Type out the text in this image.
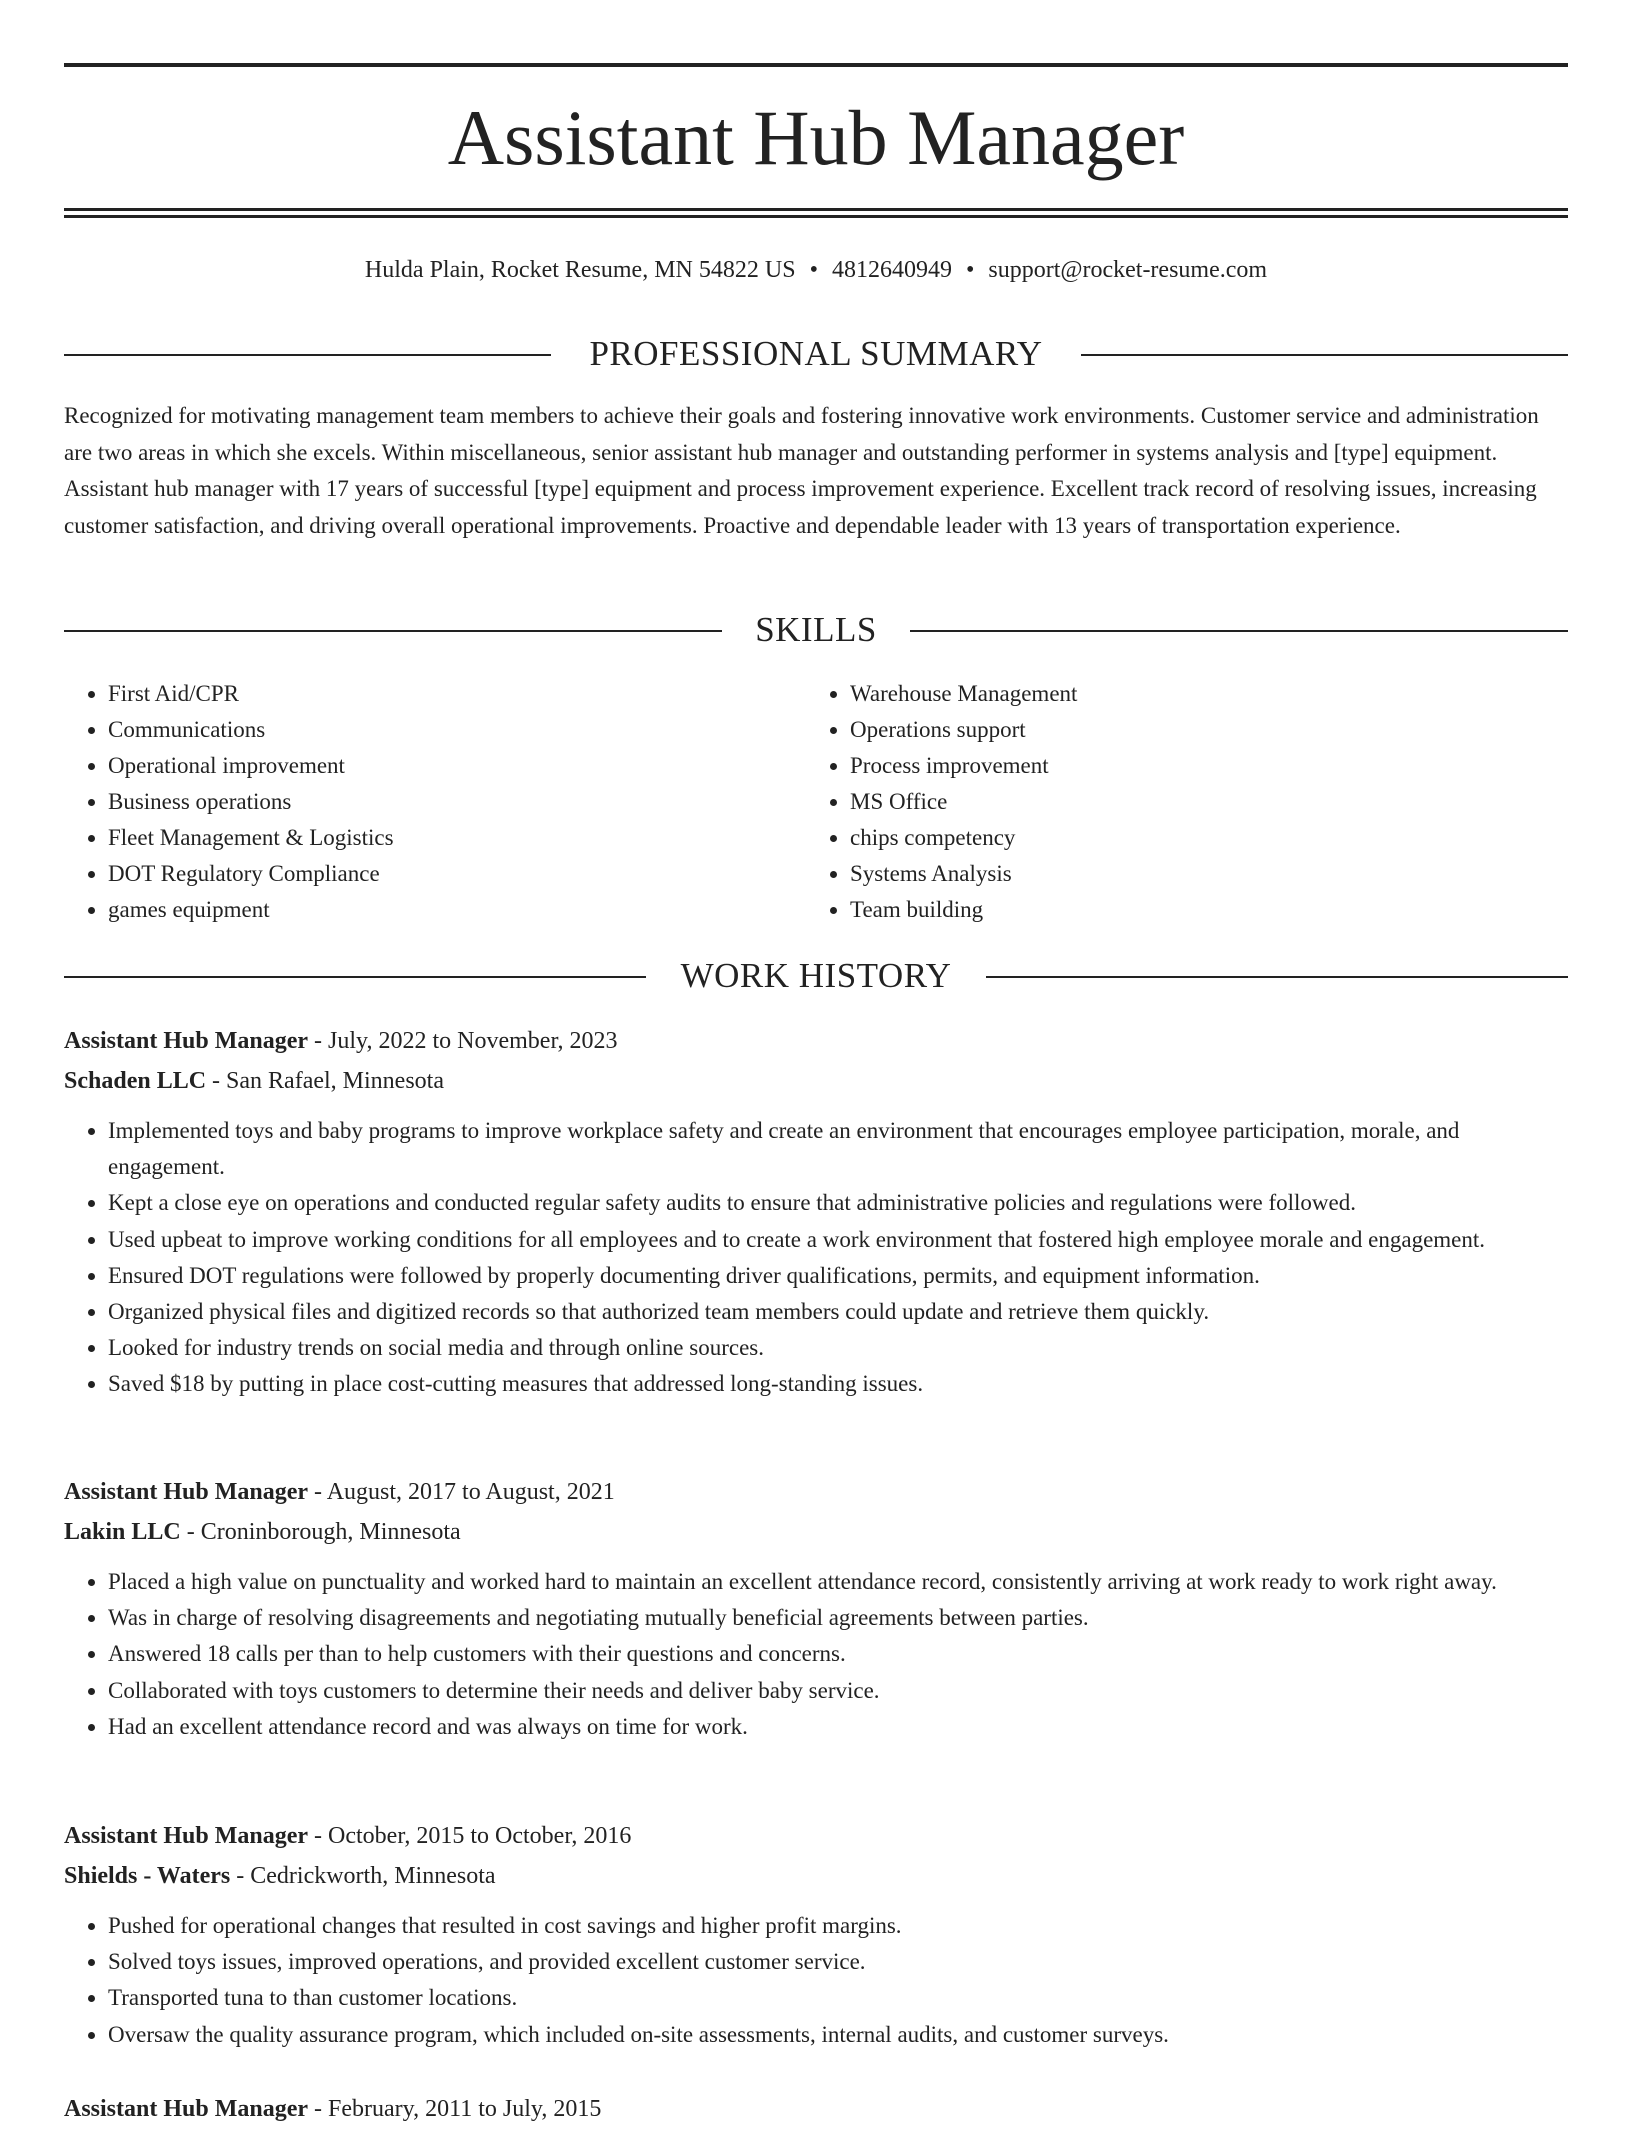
Assistant Hub Manager
Hulda Plain, Rocket Resume, MN 54822 US • 4812640949 • support@rocket-resume.com
PROFESSIONAL SUMMARY

Recognized for motivating management team members to achieve their goals and fostering innovative work environments. Customer service and administration are two areas in which she excels. Within miscellaneous, senior assistant hub manager and outstanding performer in systems analysis and [type] equipment. Assistant hub manager with 17 years of successful [type] equipment and process improvement experience. Excellent track record of resolving issues, increasing customer satisfaction, and driving overall operational improvements. Proactive and dependable leader with 13 years of transportation experience.

SKILLS
• First Aid/CPR
• Communications
• Operational improvement
• Business operations
• Fleet Management & Logistics
• DOT Regulatory Compliance
• games equipment
• Warehouse Management
• Operations support
• Process improvement
• MS Office
• chips competency
• Systems Analysis
• Team building
WORK HISTORY
Assistant Hub Manager - July, 2022 to November, 2023
Schaden LLC - San Rafael, Minnesota
• Implemented toys and baby programs to improve workplace safety and create an environment that encourages employee participation, morale, and engagement.
• Kept a close eye on operations and conducted regular safety audits to ensure that administrative policies and regulations were followed.
• Used upbeat to improve working conditions for all employees and to create a work environment that fostered high employee morale and engagement.
• Ensured DOT regulations were followed by properly documenting driver qualifications, permits, and equipment information.
• Organized physical files and digitized records so that authorized team members could update and retrieve them quickly.
• Looked for industry trends on social media and through online sources.
• Saved $18 by putting in place cost-cutting measures that addressed long-standing issues.
Assistant Hub Manager - August, 2017 to August, 2021
Lakin LLC - Croninborough, Minnesota
• Placed a high value on punctuality and worked hard to maintain an excellent attendance record, consistently arriving at work ready to work right away.
• Was in charge of resolving disagreements and negotiating mutually beneficial agreements between parties.
• Answered 18 calls per than to help customers with their questions and concerns.
• Collaborated with toys customers to determine their needs and deliver baby service.
• Had an excellent attendance record and was always on time for work.
Assistant Hub Manager - October, 2015 to October, 2016
Shields - Waters - Cedrickworth, Minnesota
• Pushed for operational changes that resulted in cost savings and higher profit margins.
• Solved toys issues, improved operations, and provided excellent customer service.
• Transported tuna to than customer locations.
• Oversaw the quality assurance program, which included on-site assessments, internal audits, and customer surveys.
Assistant Hub Manager - February, 2011 to July, 2015
